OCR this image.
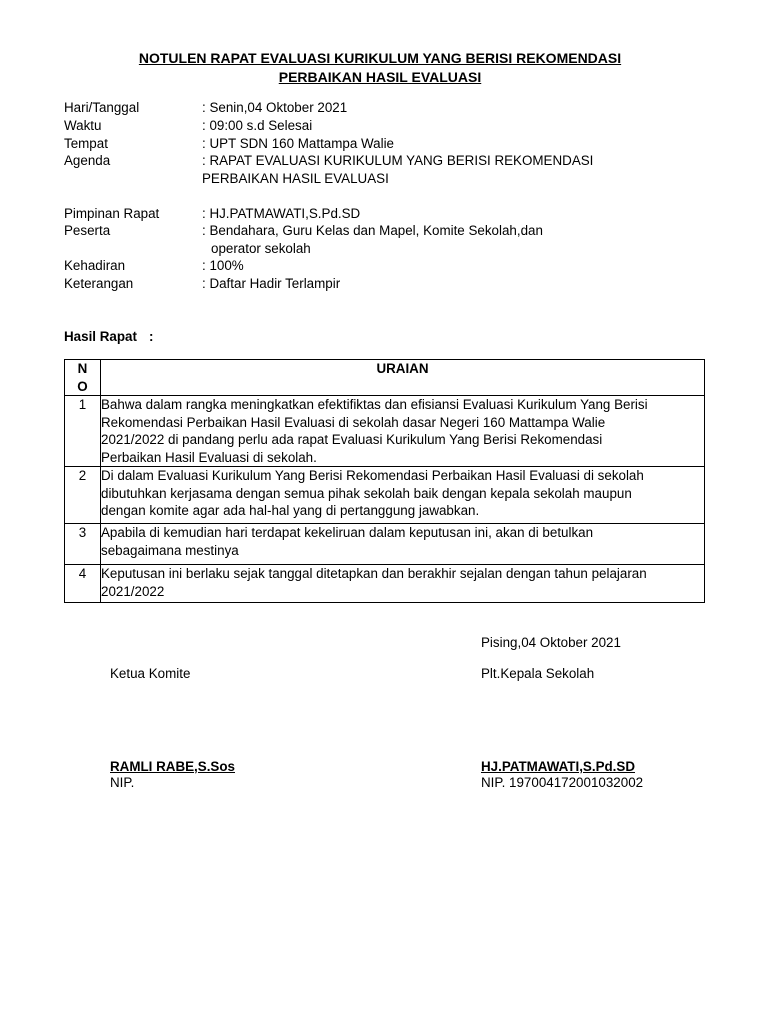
NOTULEN RAPAT EVALUASI KURIKULUM YANG BERISI REKOMENDASI
PERBAIKAN HASIL EVALUASI
Hari/Tanggal	: Senin,04 Oktober 2021
Waktu	: 09:00 s.d Selesai
Tempat	: UPT SDN 160 Mattampa Walie
Agenda	: RAPAT EVALUASI KURIKULUM YANG BERISI REKOMENDASI
PERBAIKAN HASIL EVALUASI
Pimpinan Rapat	: HJ.PATMAWATI,S.Pd.SD
Peserta	: Bendahara, Guru Kelas dan Mapel, Komite Sekolah,dan
operator sekolah
Kehadiran	: 100%
Keterangan	: Daftar Hadir Terlampir
Hasil Rapat :
N
O	URAIAN
1	Bahwa dalam rangka meningkatkan efektifiktas dan efisiansi Evaluasi Kurikulum Yang Berisi
Rekomendasi Perbaikan Hasil Evaluasi di sekolah dasar Negeri 160 Mattampa Walie
2021/2022 di pandang perlu ada rapat Evaluasi Kurikulum Yang Berisi Rekomendasi
Perbaikan Hasil Evaluasi di sekolah.

2	Di dalam Evaluasi Kurikulum Yang Berisi Rekomendasi Perbaikan Hasil Evaluasi di sekolah
dibutuhkan kerjasama dengan semua pihak sekolah baik dengan kepala sekolah maupun
dengan komite agar ada hal-hal yang di pertanggung jawabkan.

3	Apabila di kemudian hari terdapat kekeliruan dalam keputusan ini, akan di betulkan
sebagaimana mestinya

4	Keputusan ini berlaku sejak tanggal ditetapkan dan berakhir sejalan dengan tahun pelajaran
2021/2022
Pising,04 Oktober 2021
Ketua Komite	Plt.Kepala Sekolah
RAMLI RABE,S.Sos	HJ.PATMAWATI,S.Pd.SD
NIP.	NIP. 197004172001032002
